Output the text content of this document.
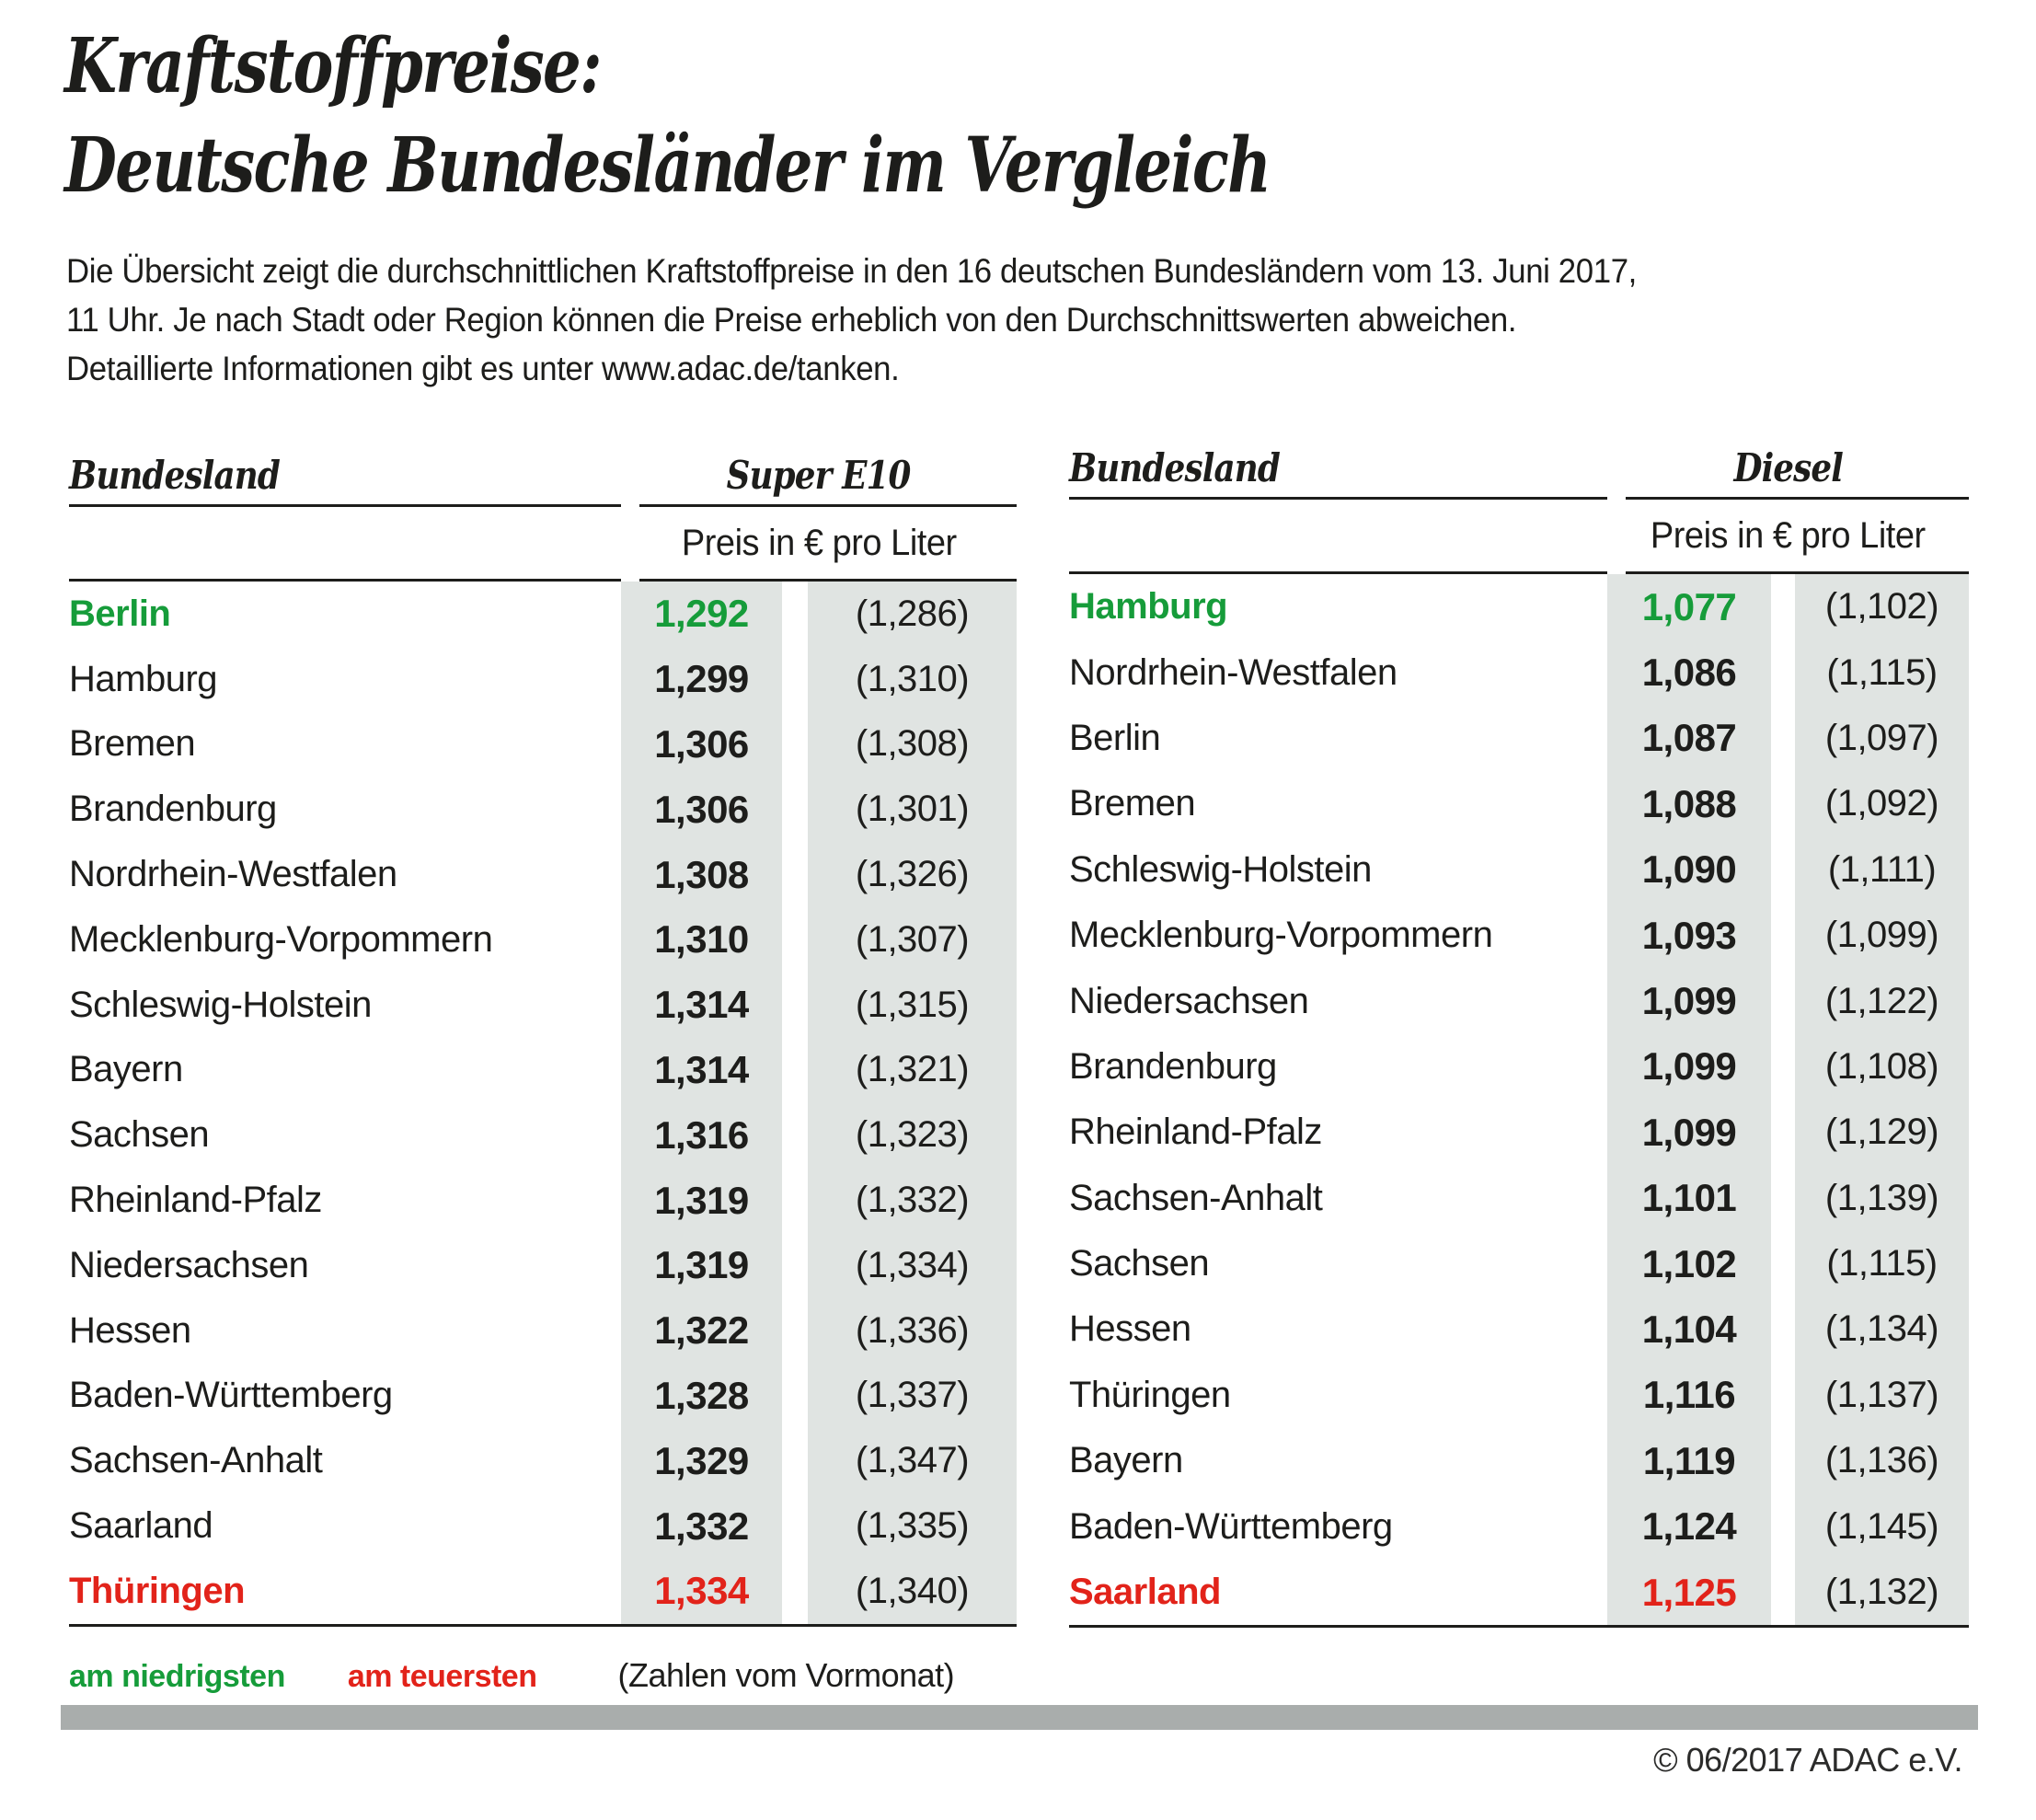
Kraftstoffpreise:
Deutsche Bundesländer im Vergleich
Die Übersicht zeigt die durchschnittlichen Kraftstoffpreise in den 16 deutschen Bundesländern vom 13. Juni 2017,
11 Uhr. Je nach Stadt oder Region können die Preise erheblich von den Durchschnittswerten abweichen.
Detaillierte Informationen gibt es unter www.adac.de/tanken.
Bundesland	Super E10
Preis in € pro Liter
Berlin	1,292	(1,286)
Hamburg	1,299	(1,310)
Bremen	1,306	(1,308)
Brandenburg	1,306	(1,301)
Nordrhein-Westfalen	1,308	(1,326)
Mecklenburg-Vorpommern	1,310	(1,307)
Schleswig-Holstein	1,314	(1,315)
Bayern	1,314	(1,321)
Sachsen	1,316	(1,323)
Rheinland-Pfalz	1,319	(1,332)
Niedersachsen	1,319	(1,334)
Hessen	1,322	(1,336)
Baden-Württemberg	1,328	(1,337)
Sachsen-Anhalt	1,329	(1,347)
Saarland	1,332	(1,335)
Thüringen	1,334	(1,340)
Bundesland	Diesel
Preis in € pro Liter
Hamburg	1,077	(1,102)
Nordrhein-Westfalen	1,086	(1,115)
Berlin	1,087	(1,097)
Bremen	1,088	(1,092)
Schleswig-Holstein	1,090	(1,111)
Mecklenburg-Vorpommern	1,093	(1,099)
Niedersachsen	1,099	(1,122)
Brandenburg	1,099	(1,108)
Rheinland-Pfalz	1,099	(1,129)
Sachsen-Anhalt	1,101	(1,139)
Sachsen	1,102	(1,115)
Hessen	1,104	(1,134)
Thüringen	1,116	(1,137)
Bayern	1,119	(1,136)
Baden-Württemberg	1,124	(1,145)
Saarland	1,125	(1,132)
am niedrigsten am teuersten (Zahlen vom Vormonat)
© 06/2017 ADAC e.V.
